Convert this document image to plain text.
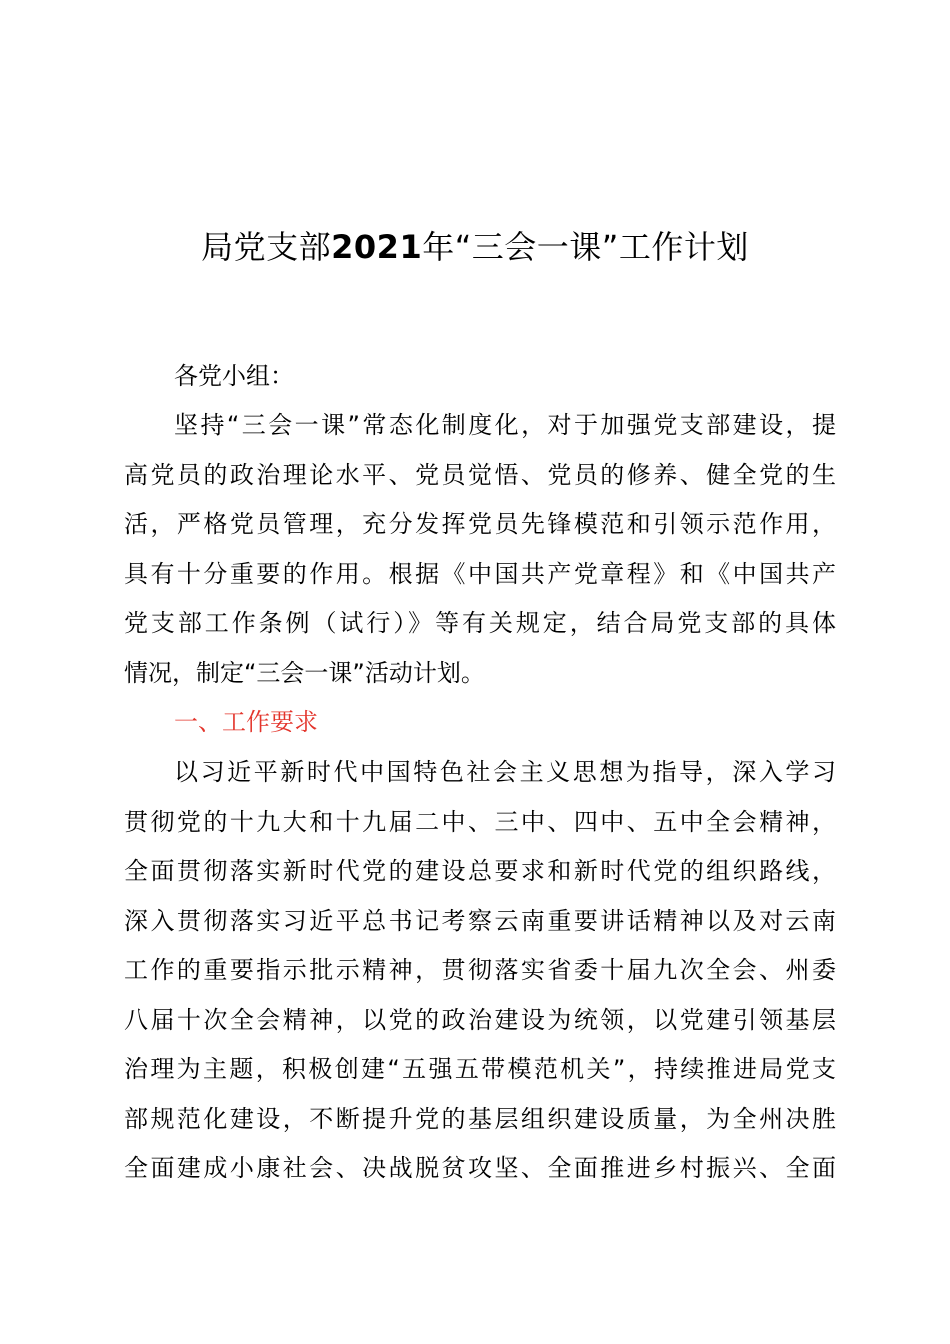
局党支部2021年“三会一课”工作计划
各党小组：
坚持“三会一课”常态化制度化，对于加强党支部建设，提
高党员的政治理论水平、党员觉悟、党员的修养、健全党的生
活，严格党员管理，充分发挥党员先锋模范和引领示范作用，
具有十分重要的作用。根据《中国共产党章程》和《中国共产
党支部工作条例（试行）》等有关规定，结合局党支部的具体
情况，制定“三会一课”活动计划。
一、工作要求
以习近平新时代中国特色社会主义思想为指导，深入学习
贯彻党的十九大和十九届二中、三中、四中、五中全会精神，
全面贯彻落实新时代党的建设总要求和新时代党的组织路线，
深入贯彻落实习近平总书记考察云南重要讲话精神以及对云南
工作的重要指示批示精神，贯彻落实省委十届九次全会、州委
八届十次全会精神，以党的政治建设为统领，以党建引领基层
治理为主题，积极创建“五强五带模范机关”，持续推进局党支
部规范化建设，不断提升党的基层组织建设质量，为全州决胜
全面建成小康社会、决战脱贫攻坚、全面推进乡村振兴、全面
